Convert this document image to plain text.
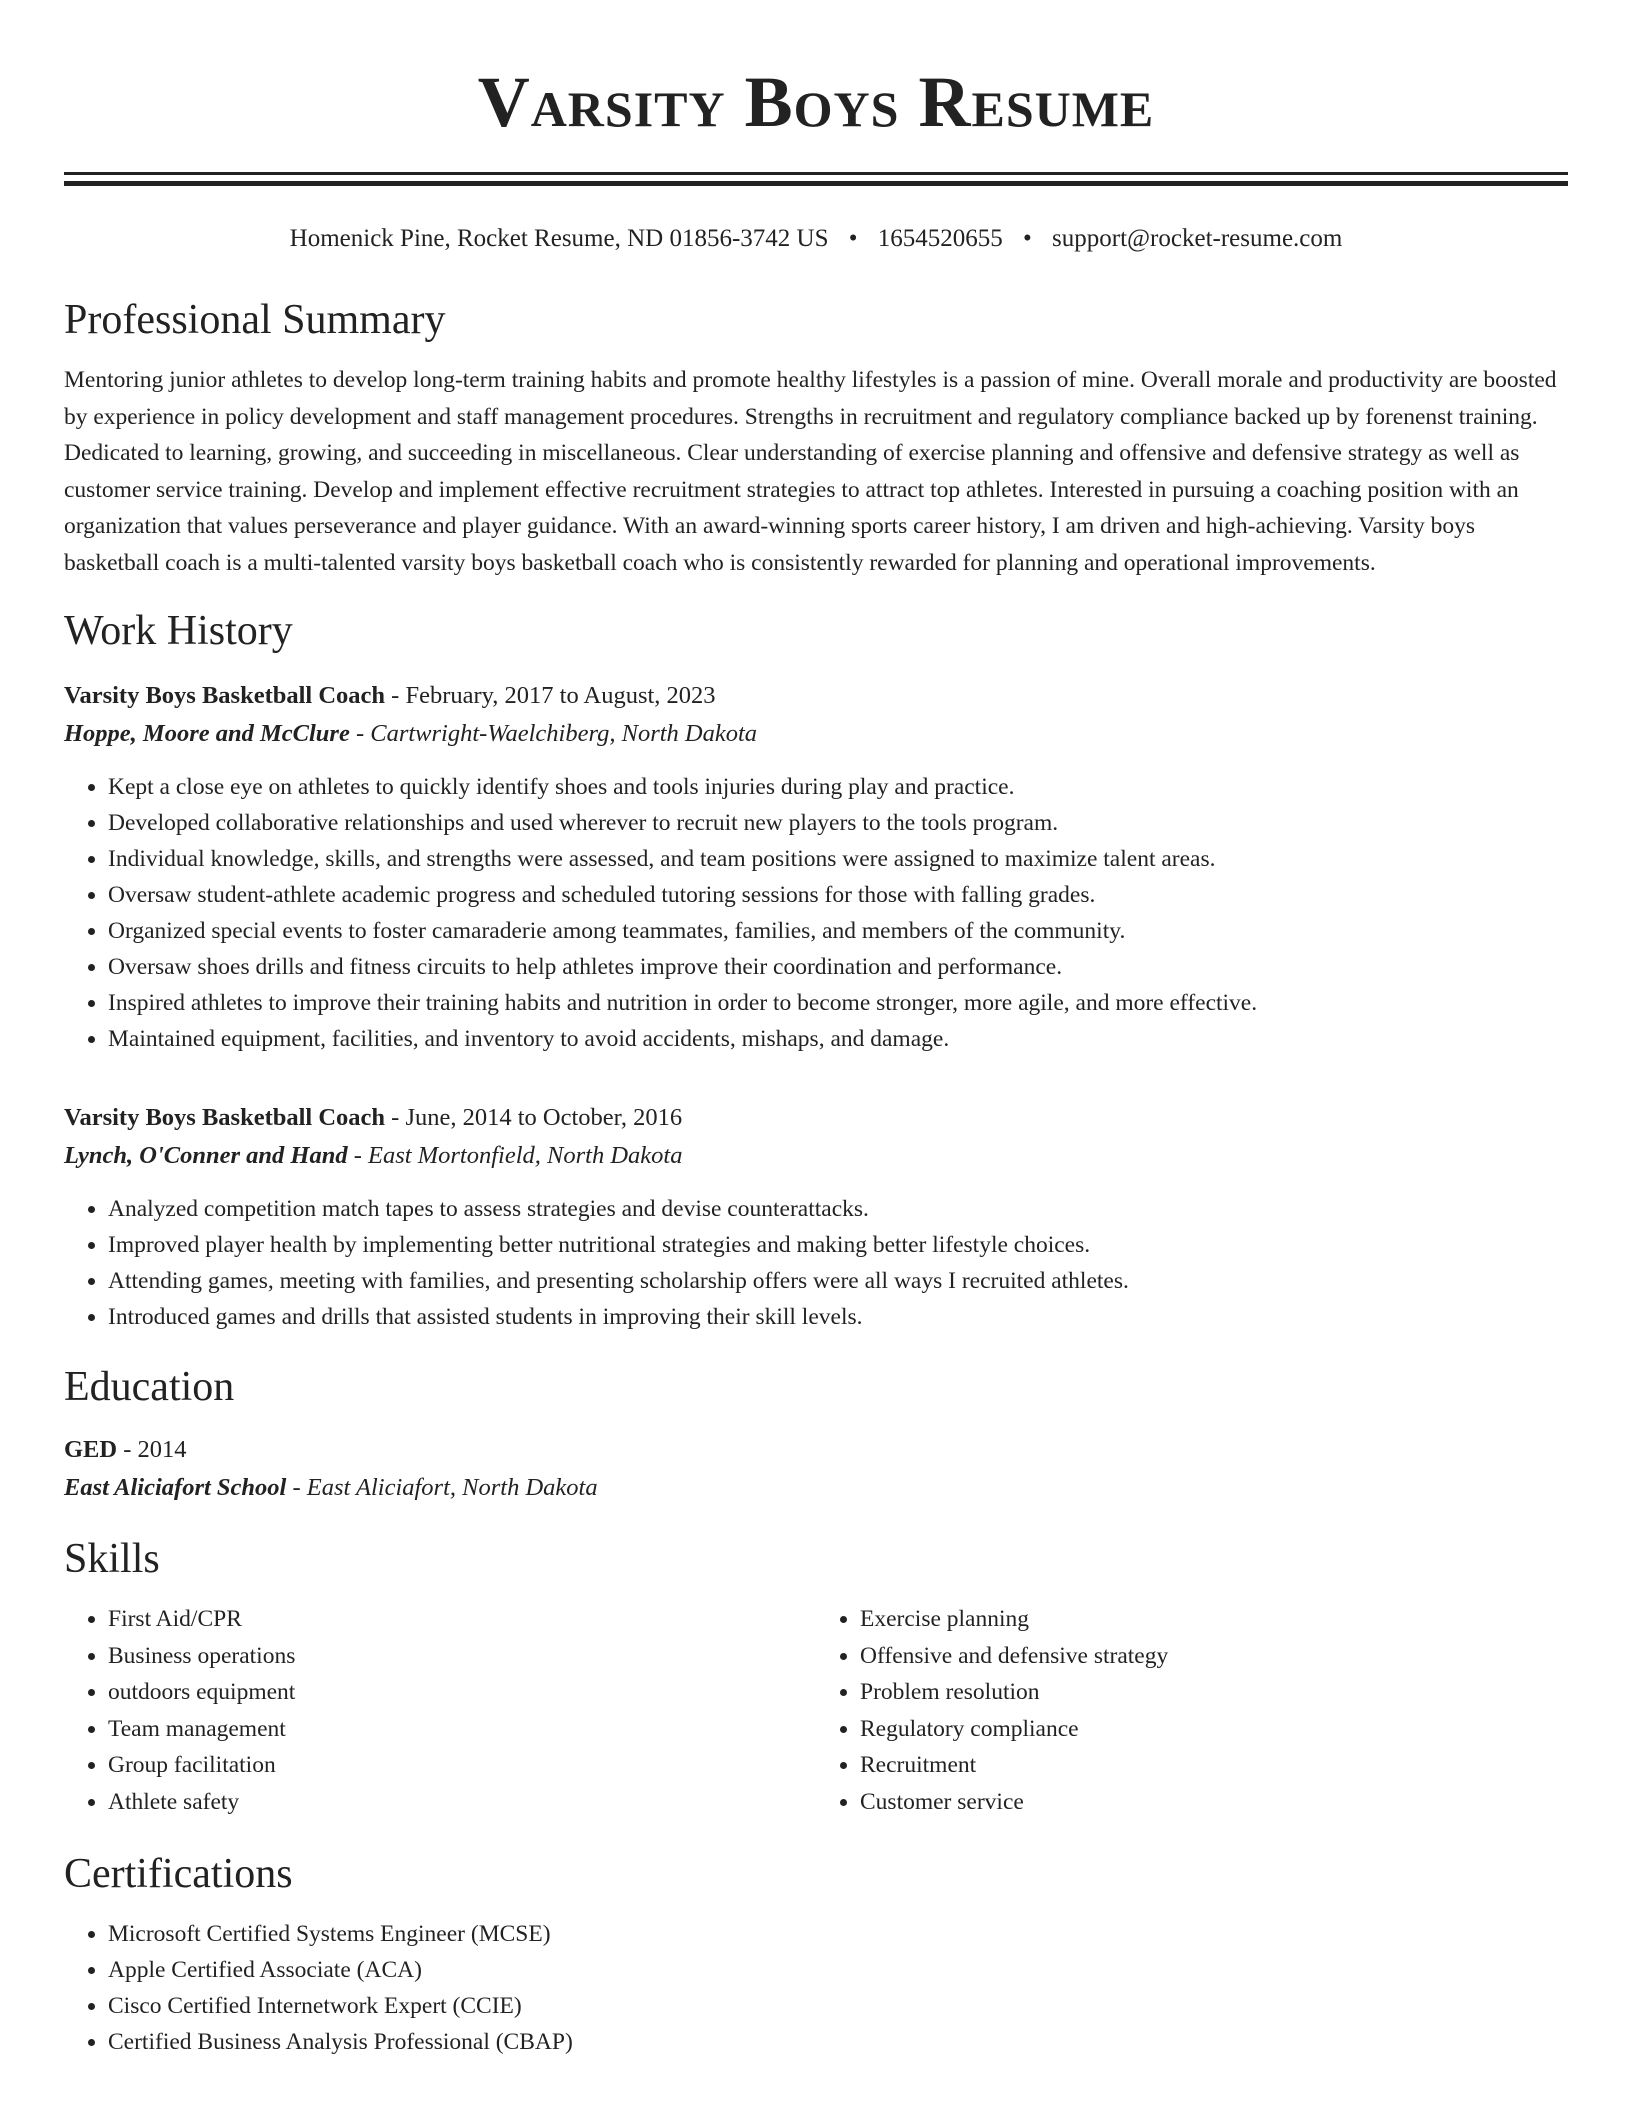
Varsity Boys Resume
Homenick Pine, Rocket Resume, ND 01856-3742 US • 1654520655 • support@rocket-resume.com
Professional Summary

Mentoring junior athletes to develop long-term training habits and promote healthy lifestyles is a passion of mine. Overall morale and productivity are boosted by experience in policy development and staff management procedures. Strengths in recruitment and regulatory compliance backed up by forenenst training. Dedicated to learning, growing, and succeeding in miscellaneous. Clear understanding of exercise planning and offensive and defensive strategy as well as customer service training. Develop and implement effective recruitment strategies to attract top athletes. Interested in pursuing a coaching position with an organization that values perseverance and player guidance. With an award-winning sports career history, I am driven and high-achieving. Varsity boys basketball coach is a multi-talented varsity boys basketball coach who is consistently rewarded for planning and operational improvements.

Work History
Varsity Boys Basketball Coach - February, 2017 to August, 2023
Hoppe, Moore and McClure - Cartwright-Waelchiberg, North Dakota
• Kept a close eye on athletes to quickly identify shoes and tools injuries during play and practice.
• Developed collaborative relationships and used wherever to recruit new players to the tools program.
• Individual knowledge, skills, and strengths were assessed, and team positions were assigned to maximize talent areas.
• Oversaw student-athlete academic progress and scheduled tutoring sessions for those with falling grades.
• Organized special events to foster camaraderie among teammates, families, and members of the community.
• Oversaw shoes drills and fitness circuits to help athletes improve their coordination and performance.
• Inspired athletes to improve their training habits and nutrition in order to become stronger, more agile, and more effective.
• Maintained equipment, facilities, and inventory to avoid accidents, mishaps, and damage.
Varsity Boys Basketball Coach - June, 2014 to October, 2016
Lynch, O'Conner and Hand - East Mortonfield, North Dakota
• Analyzed competition match tapes to assess strategies and devise counterattacks.
• Improved player health by implementing better nutritional strategies and making better lifestyle choices.
• Attending games, meeting with families, and presenting scholarship offers were all ways I recruited athletes.
• Introduced games and drills that assisted students in improving their skill levels.
Education
GED - 2014
East Aliciafort School - East Aliciafort, North Dakota
Skills
• First Aid/CPR
• Business operations
• outdoors equipment
• Team management
• Group facilitation
• Athlete safety
• Exercise planning
• Offensive and defensive strategy
• Problem resolution
• Regulatory compliance
• Recruitment
• Customer service
Certifications
• Microsoft Certified Systems Engineer (MCSE)
• Apple Certified Associate (ACA)
• Cisco Certified Internetwork Expert (CCIE)
• Certified Business Analysis Professional (CBAP)
